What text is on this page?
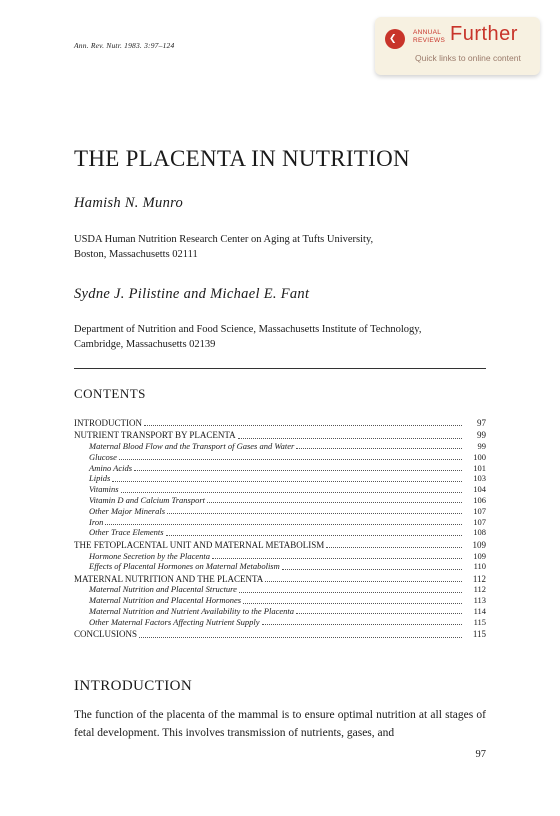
Ann. Rev. Nutr. 1983. 3:97–124
❮
ANNUAL
REVIEWS Further
Quick links to online content
THE PLACENTA IN NUTRITION
Hamish N. Munro
USDA Human Nutrition Research Center on Aging at Tufts University,
Boston, Massachusetts 02111
Sydne J. Pilistine and Michael E. Fant
Department of Nutrition and Food Science, Massachusetts Institute of Technology,
Cambridge, Massachusetts 02139
CONTENTS
INTRODUCTION	97
NUTRIENT TRANSPORT BY PLACENTA	99
Maternal Blood Flow and the Transport of Gases and Water	99
Glucose	100
Amino Acids	101
Lipids	103
Vitamins	104
Vitamin D and Calcium Transport	106
Other Major Minerals	107
Iron	107
Other Trace Elements	108
THE FETOPLACENTAL UNIT AND MATERNAL METABOLISM	109
Hormone Secretion by the Placenta	109
Effects of Placental Hormones on Maternal Metabolism	110
MATERNAL NUTRITION AND THE PLACENTA	112
Maternal Nutrition and Placental Structure	112
Maternal Nutrition and Placental Hormones	113
Maternal Nutrition and Nutrient Availability to the Placenta	114
Other Maternal Factors Affecting Nutrient Supply	115
CONCLUSIONS	115
INTRODUCTION
The function of the placenta of the mammal is to ensure optimal nutrition at all stages of fetal development. This involves transmission of nutrients, gases, and
97
